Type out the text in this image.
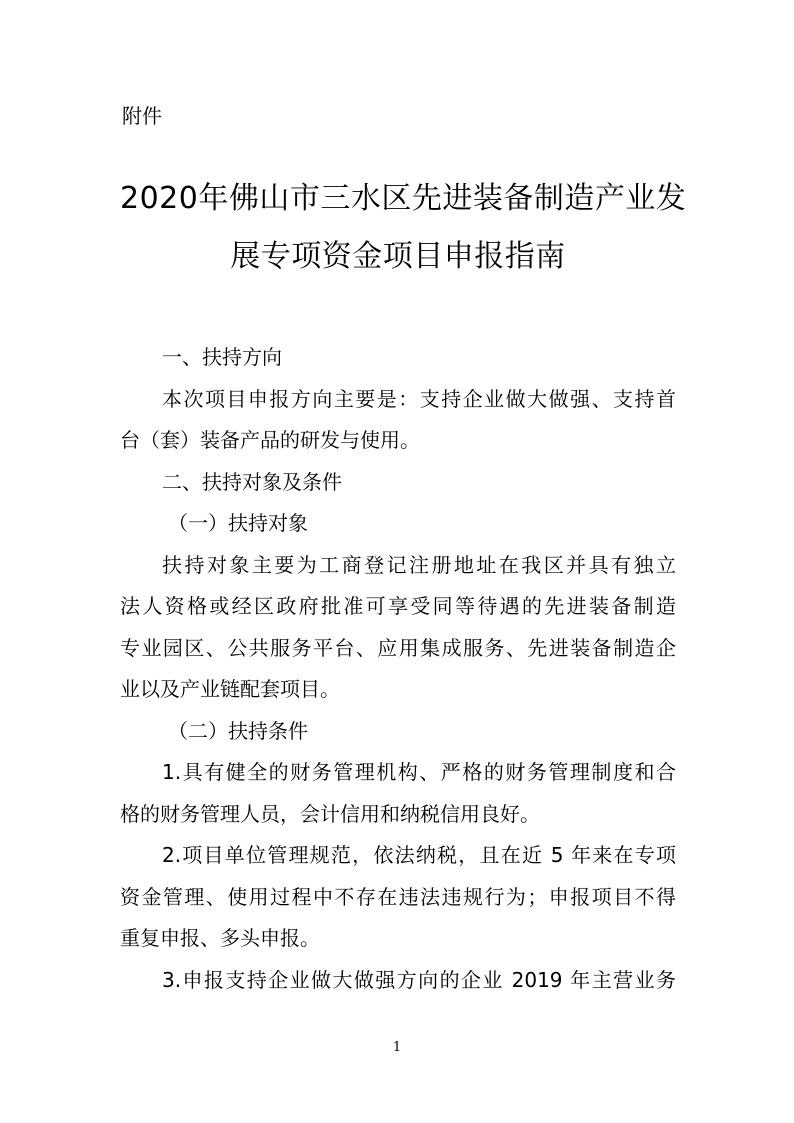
附件

2020年佛山市三水区先进装备制造产业发
展专项资金项目申报指南
一、扶持方向
本次项目申报方向主要是：支持企业做大做强、支持首
台（套）装备产品的研发与使用。
二、扶持对象及条件
（一）扶持对象
扶持对象主要为工商登记注册地址在我区并具有独立
法人资格或经区政府批准可享受同等待遇的先进装备制造
专业园区、公共服务平台、应用集成服务、先进装备制造企
业以及产业链配套项目。
（二）扶持条件
1.具有健全的财务管理机构、严格的财务管理制度和合
格的财务管理人员，会计信用和纳税信用良好。
2.项目单位管理规范，依法纳税，且在近 5 年来在专项
资金管理、使用过程中不存在违法违规行为；申报项目不得
重复申报、多头申报。
3.申报支持企业做大做强方向的企业 2019 年主营业务
1
